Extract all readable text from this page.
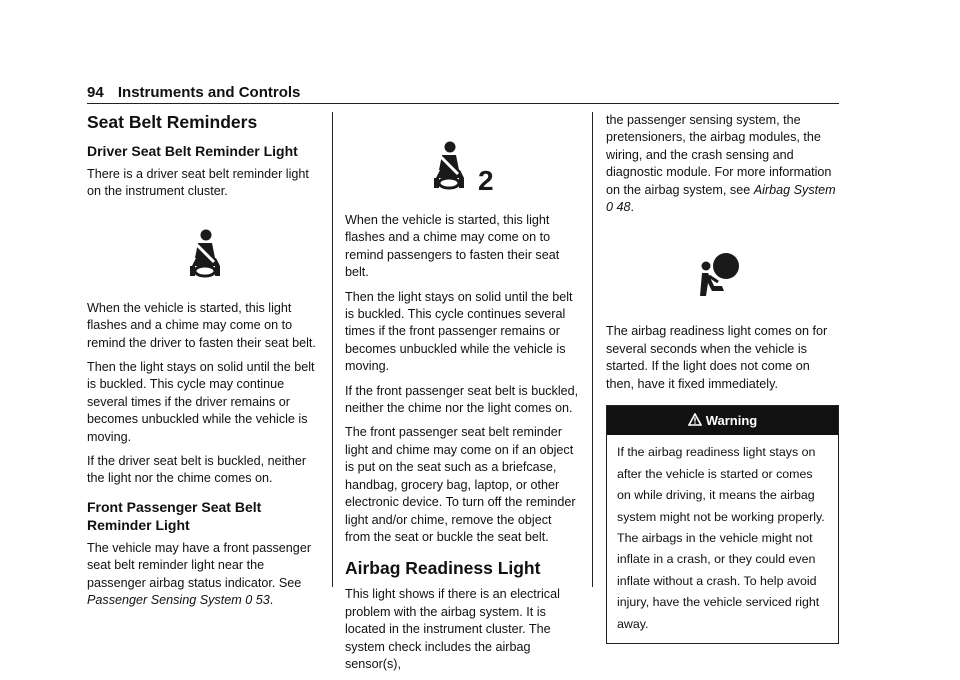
94 Instruments and Controls
Seat Belt Reminders
Driver Seat Belt Reminder Light

There is a driver seat belt reminder light on the instrument cluster.

When the vehicle is started, this light flashes and a chime may come on to remind the driver to fasten their seat belt.

Then the light stays on solid until the belt is buckled. This cycle may continue several times if the driver remains or becomes unbuckled while the vehicle is moving.

If the driver seat belt is buckled, neither the light nor the chime comes on.

Front Passenger Seat Belt Reminder Light

The vehicle may have a front passenger seat belt reminder light near the passenger airbag status indicator. See Passenger Sensing System 0 53.

2

When the vehicle is started, this light flashes and a chime may come on to remind passengers to fasten their seat belt.

Then the light stays on solid until the belt is buckled. This cycle continues several times if the front passenger remains or becomes unbuckled while the vehicle is moving.

If the front passenger seat belt is buckled, neither the chime nor the light comes on.

The front passenger seat belt reminder light and chime may come on if an object is put on the seat such as a briefcase, handbag, grocery bag, laptop, or other electronic device. To turn off the reminder light and/or chime, remove the object from the seat or buckle the seat belt.

Airbag Readiness Light

This light shows if there is an electrical problem with the airbag system. It is located in the instrument cluster. The system check includes the airbag sensor(s),

the passenger sensing system, the pretensioners, the airbag modules, the wiring, and the crash sensing and diagnostic module. For more information on the airbag system, see Airbag System 0 48.

The airbag readiness light comes on for several seconds when the vehicle is started. If the light does not come on then, have it fixed immediately.

Warning
If the airbag readiness light stays on after the vehicle is started or comes on while driving, it means the airbag system might not be working properly. The airbags in the vehicle might not inflate in a crash, or they could even inflate without a crash. To help avoid injury, have the vehicle serviced right away.
